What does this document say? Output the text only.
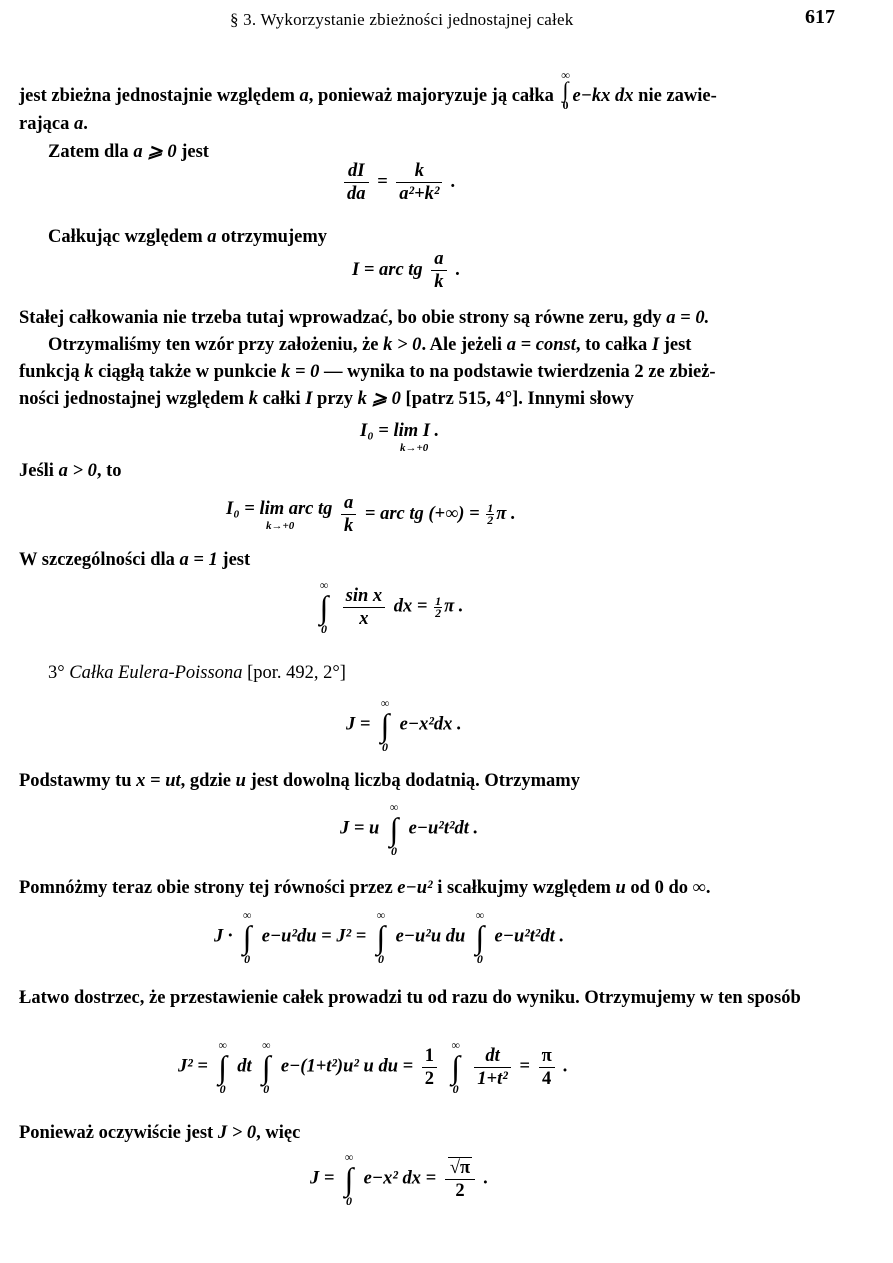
§ 3. Wykorzystanie zbieżności jednostajnej całek	617
jest zbieżna jednostajnie względem a, ponieważ majoryzuje ją całka
∞
∫
0 e−kx dx nie zawie-
rająca a.
Zatem dla a ⩾ 0 jest
$\frac{dI}{da} = \frac{k}{\text{a²+k²}}$ .
Całkując względem a otrzymujemy
I = arc tg $\frac{a}{k}$ .
Stałej całkowania nie trzeba tutaj wprowadzać, bo obie strony są równe zeru, gdy a = 0.
Otrzymaliśmy ten wzór przy założeniu, że k > 0. Ale jeżeli a = const, to całka I jest
funkcją k ciągłą także w punkcie k = 0 — wynika to na podstawie twierdzenia 2 ze zbież-
ności jednostajnej względem k całki I przy k ⩾ 0 [patrz 515, 4°]. Innymi słowy
I₀ = lim I .
k→+0
Jeśli a > 0, to
I₀ = lim arc tg
k→+0
	$\frac{a}{k}$ = arc tg (+∞) = $\frac{1}{2}$ π .
W szczególności dla a = 1 jest
∞
∫
0
$\frac{\text{sin x}}{x}$ dx = $\frac{1}{2}$ π .
3° Całka Eulera-Poissona [por. 492, 2°]
J =
∞
∫
0
e−x²dx .
Podstawmy tu x = ut, gdzie u jest dowolną liczbą dodatnią. Otrzymamy
J = u
∞
∫
0
e−u²t²dt .
Pomnóżmy teraz obie strony tej równości przez e−u² i scałkujmy względem u od 0 do ∞.
J ·
∞
∫
0
e−u²du = J² =
∞
∫
0
e−u²u du
∞
∫
0
e−u²t²dt .
Łatwo dostrzec, że przestawienie całek prowadzi tu od razu do wyniku. Otrzymujemy w ten sposób
J² =
∞
∫
0
dt
∞
∫
0
e−(1+t²)u² u du = $\frac{1}{2}$
	∞
∫
0
$\frac{dt}{\text{1+t²}} = \frac{\pi}{4}$ .
Ponieważ oczywiście jest J > 0, więc
J =
∞
∫
0
e−x² dx = $\frac{√\pi}{2}$ .
